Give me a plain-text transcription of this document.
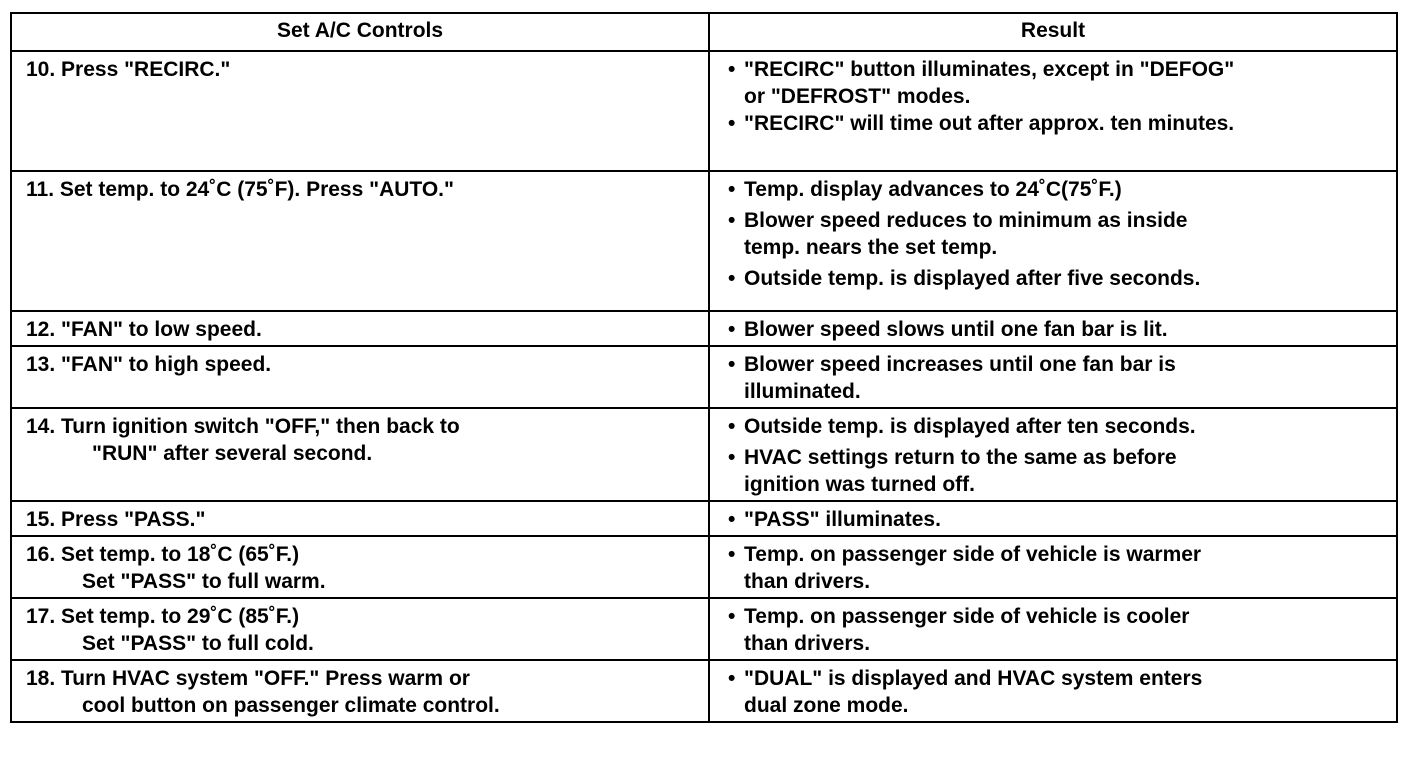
Set A/C Controls	Result

10. Press "RECIRC."	• "RECIRC" button illuminates, except in "DEFOG"
or "DEFROST" modes.
• "RECIRC" will time out after approx. ten minutes.

11. Set temp. to 24˚C (75˚F). Press "AUTO."	• Temp. display advances to 24˚C(75˚F.)
• Blower speed reduces to minimum as inside
temp. nears the set temp.
• Outside temp. is displayed after five seconds.

12. "FAN" to low speed.	• Blower speed slows until one fan bar is lit.

13. "FAN" to high speed.	• Blower speed increases until one fan bar is
illuminated.

14. Turn ignition switch "OFF," then back to
"RUN" after several second.	• Outside temp. is displayed after ten seconds.
• HVAC settings return to the same as before
ignition was turned off.

15. Press "PASS."	• "PASS" illuminates.

16. Set temp. to 18˚C (65˚F.)
Set "PASS" to full warm.	• Temp. on passenger side of vehicle is warmer
than drivers.

17. Set temp. to 29˚C (85˚F.)
Set "PASS" to full cold.	• Temp. on passenger side of vehicle is cooler
than drivers.

18. Turn HVAC system "OFF." Press warm or
cool button on passenger climate control.	• "DUAL" is displayed and HVAC system enters
dual zone mode.
